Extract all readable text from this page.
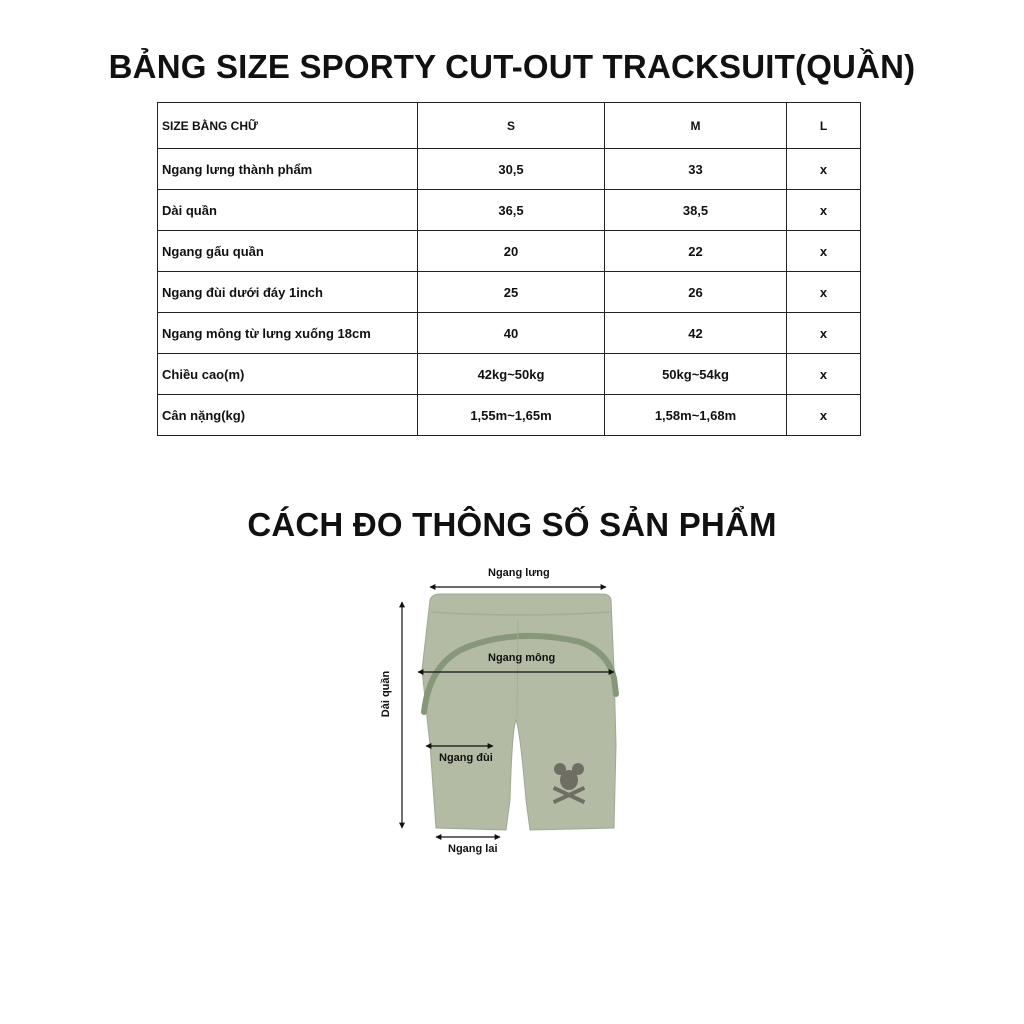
BẢNG SIZE SPORTY CUT-OUT TRACKSUIT(QUẦN)
SIZE BẰNG CHỮ	S	M	L
Ngang lưng thành phẩm	30,5	33	x
Dài quần	36,5	38,5	x
Ngang gấu quần	20	22	x
Ngang đùi dưới đáy 1inch	25	26	x
Ngang mông từ lưng xuống 18cm	40	42	x
Chiều cao(m)	42kg~50kg	50kg~54kg	x
Cân nặng(kg)	1,55m~1,65m	1,58m~1,68m	x
CÁCH ĐO THÔNG SỐ SẢN PHẨM
Ngang lưng
Ngang mông
Ngang đùi
Ngang lai
Dài quần
